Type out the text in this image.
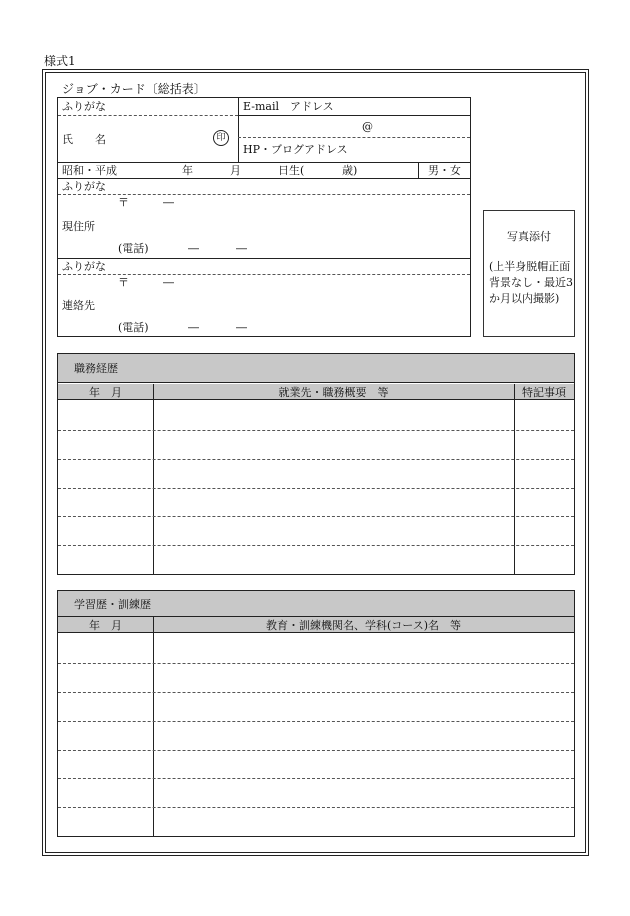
様式1
ジョブ・カード〔総括表〕
ふりがな
氏　　名	印
E-mail　アドレス
@
HP・ブログアドレス
昭和・平成	年	月	日生(	歳)	男・女
ふりがな
〒	―
現住所
(電話)	―	―
ふりがな
〒	―
連絡先
(電話)	―	―
写真添付
(上半身脱帽正面背景なし・最近3か月以内撮影)
職務経歴
年　月	就業先・職務概要　等	特記事項
学習歴・訓練歴
年　月	教育・訓練機関名、学科(コース)名　等
